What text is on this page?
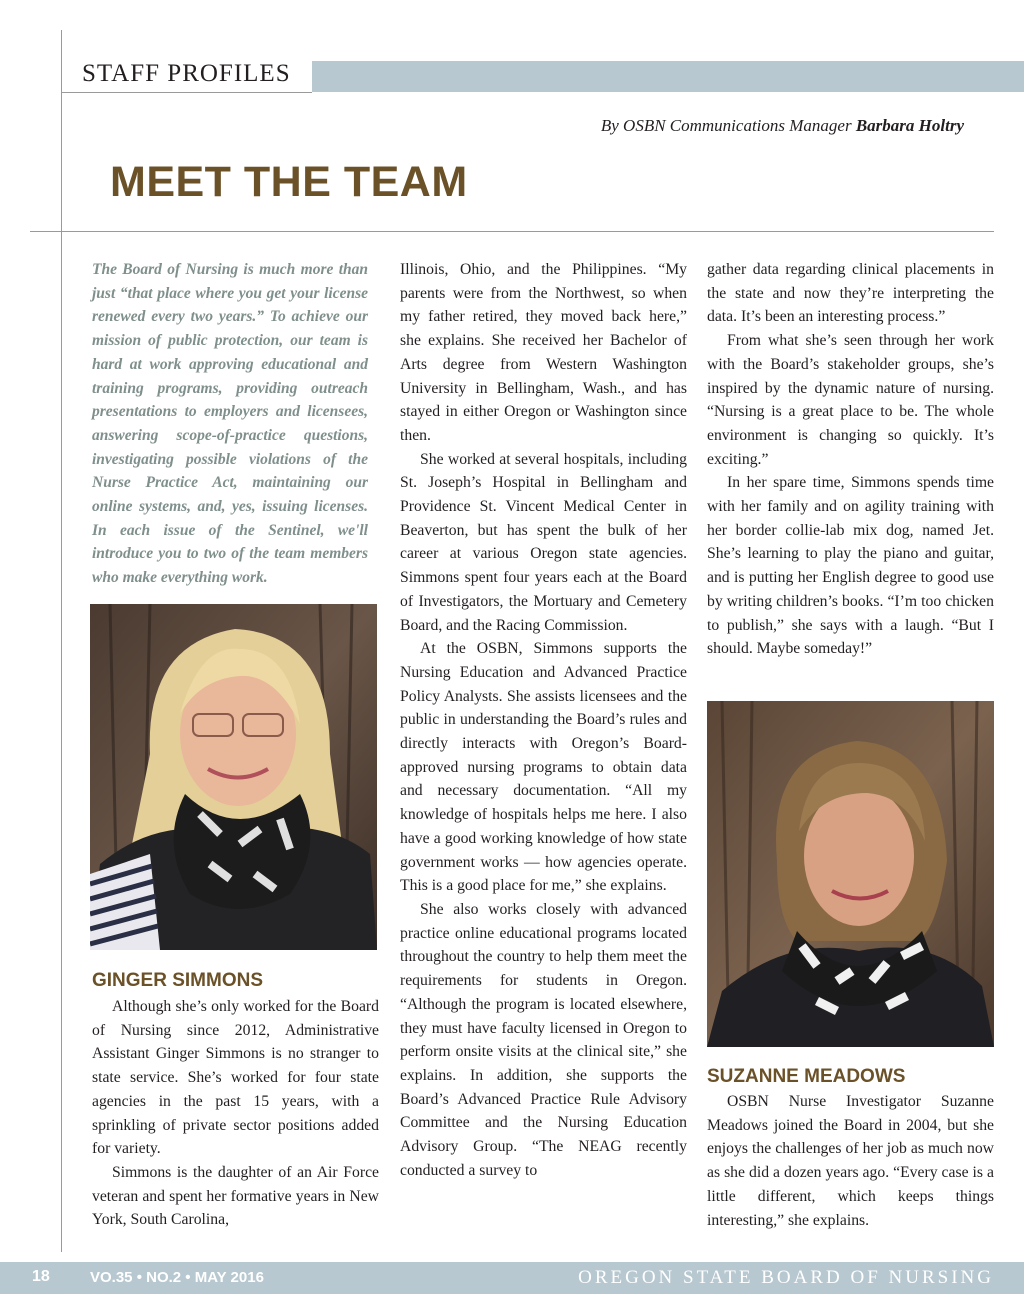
STAFF PROFILES
By OSBN Communications Manager Barbara Holtry
MEET THE TEAM
The Board of Nursing is much more than just “that place where you get your license renewed every two years.” To achieve our mission of public protection, our team is hard at work approving educational and training programs, providing outreach presentations to employers and licensees, answering scope-of-practice questions, investigating possible violations of the Nurse Practice Act, maintaining our online systems, and, yes, issuing licenses. In each issue of the Sentinel, we'll introduce you to two of the team members who make everything work.
GINGER SIMMONS

Although she’s only worked for the Board of Nursing since 2012, Administrative Assistant Ginger Simmons is no stranger to state service. She’s worked for four state agencies in the past 15 years, with a sprinkling of private sector positions added for variety.

Simmons is the daughter of an Air Force veteran and spent her formative years in New York, South Carolina,

Illinois, Ohio, and the Philippines. “My parents were from the Northwest, so when my father retired, they moved back here,” she explains. She received her Bachelor of Arts degree from Western Washington University in Bellingham, Wash., and has stayed in either Oregon or Washington since then.

She worked at several hospitals, including St. Joseph’s Hospital in Bellingham and Providence St. Vincent Medical Center in Beaverton, but has spent the bulk of her career at various Oregon state agencies. Simmons spent four years each at the Board of Investigators, the Mortuary and Cemetery Board, and the Racing Commission.

At the OSBN, Simmons supports the Nursing Education and Advanced Practice Policy Analysts. She assists licensees and the public in understanding the Board’s rules and directly interacts with Oregon’s Board-approved nursing programs to obtain data and necessary documentation. “All my knowledge of hospitals helps me here. I also have a good working knowledge of how state government works — how agencies operate. This is a good place for me,” she explains.

She also works closely with advanced practice online educational programs located throughout the country to help them meet the requirements for students in Oregon. “Although the program is located elsewhere, they must have faculty licensed in Oregon to perform onsite visits at the clinical site,” she explains. In addition, she supports the Board’s Advanced Practice Rule Advisory Committee and the Nursing Education Advisory Group. “The NEAG recently conducted a survey to

gather data regarding clinical placements in the state and now they’re interpreting the data. It’s been an interesting process.”

From what she’s seen through her work with the Board’s stakeholder groups, she’s inspired by the dynamic nature of nursing. “Nursing is a great place to be. The whole environment is changing so quickly. It’s exciting.”

In her spare time, Simmons spends time with her family and on agility training with her border collie-lab mix dog, named Jet. She’s learning to play the piano and guitar, and is putting her English degree to good use by writing children’s books. “I’m too chicken to publish,” she says with a laugh. “But I should. Maybe someday!”

SUZANNE MEADOWS

OSBN Nurse Investigator Suzanne Meadows joined the Board in 2004, but she enjoys the challenges of her job as much now as she did a dozen years ago. “Every case is a little different, which keeps things interesting,” she explains.

18	VO.35 • NO.2 • MAY 2016	OREGON STATE BOARD OF NURSING
